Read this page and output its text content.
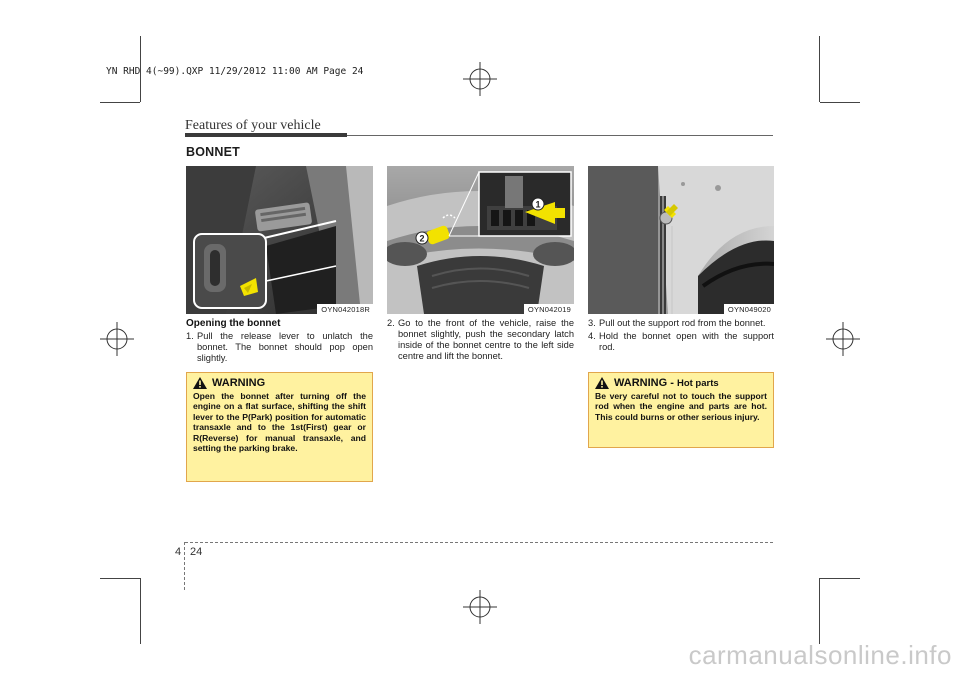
YN RHD 4(~99).QXP 11/29/2012 11:00 AM Page 24
Features of your vehicle
BONNET
OYN042018R
1
2
OYN042019	OYN049020
Opening the bonnet
1. Pull the release lever to unlatch the bonnet. The bonnet should pop open slightly.
2. Go to the front of the vehicle, raise the bonnet slightly, push the secondary latch inside of the bonnet centre to the left side centre and lift the bonnet.
3. Pull out the support rod from the bonnet.
4. Hold the bonnet open with the support rod.
WARNING
Open the bonnet after turning off the engine on a flat surface, shifting the shift lever to the P(Park) position for automatic transaxle and to the 1st(First) gear or R(Reverse) for manual transaxle, and setting the parking brake.
WARNING - Hot parts
Be very careful not to touch the support rod when the engine and parts are hot. This could burns or other serious injury.
4 24
carmanualsonline.info
